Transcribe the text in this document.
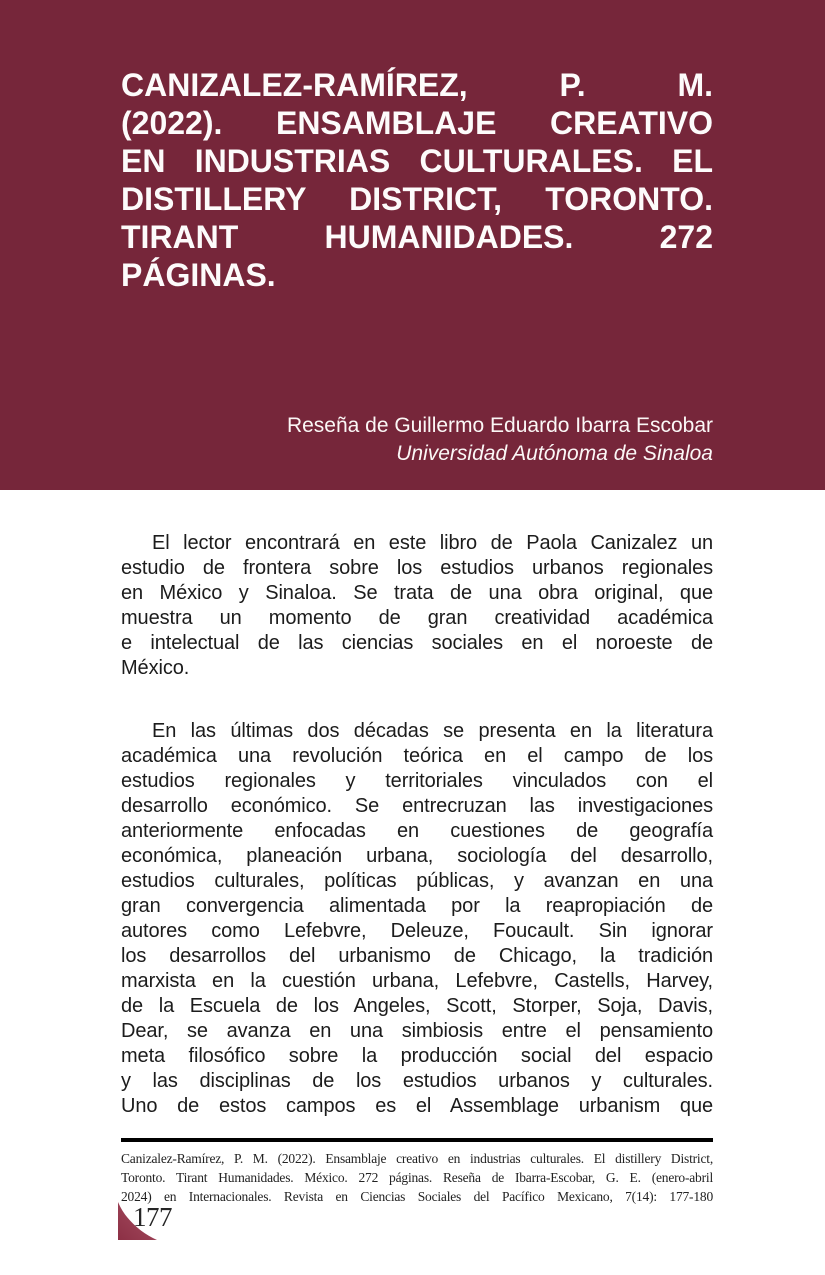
CANIZALEZ-RAMÍREZ, P. M.
(2022). ENSAMBLAJE CREATIVO
EN INDUSTRIAS CULTURALES. EL
DISTILLERY DISTRICT, TORONTO.
TIRANT HUMANIDADES. 272
PÁGINAS.
Reseña de Guillermo Eduardo Ibarra Escobar
Universidad Autónoma de Sinaloa
El lector encontrará en este libro de Paola Canizalez un
estudio de frontera sobre los estudios urbanos regionales
en México y Sinaloa. Se trata de una obra original, que
muestra un momento de gran creatividad académica
e intelectual de las ciencias sociales en el noroeste de
México.
En las últimas dos décadas se presenta en la literatura
académica una revolución teórica en el campo de los
estudios regionales y territoriales vinculados con el
desarrollo económico. Se entrecruzan las investigaciones
anteriormente enfocadas en cuestiones de geografía
económica, planeación urbana, sociología del desarrollo,
estudios culturales, políticas públicas, y avanzan en una
gran convergencia alimentada por la reapropiación de
autores como Lefebvre, Deleuze, Foucault. Sin ignorar
los desarrollos del urbanismo de Chicago, la tradición
marxista en la cuestión urbana, Lefebvre, Castells, Harvey,
de la Escuela de los Angeles, Scott, Storper, Soja, Davis,
Dear, se avanza en una simbiosis entre el pensamiento
meta filosófico sobre la producción social del espacio
y las disciplinas de los estudios urbanos y culturales.
Uno de estos campos es el Assemblage urbanism que
Canizalez-Ramírez, P. M. (2022). Ensamblaje creativo en industrias culturales. El distillery District,
Toronto. Tirant Humanidades. México. 272 páginas. Reseña de Ibarra-Escobar, G. E. (enero-abril
2024) en Internacionales. Revista en Ciencias Sociales del Pacífico Mexicano, 7(14): 177-180
177
